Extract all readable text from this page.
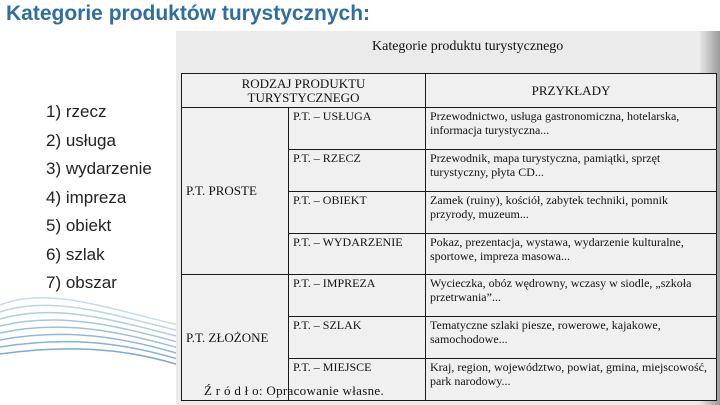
Kategorie produktów turystycznych:
1) rzecz
2) usługa
3) wydarzenie
4) impreza
5) obiekt
6) szlak
7) obszar
Kategorie produktu turystycznego
RODZAJ PRODUKTU TURYSTYCZNEGO		PRZYKŁADY
P.T. PROSTE	P.T. – USŁUGA	Przewodnictwo, usługa gastronomiczna, hotelarska, informacja turystyczna...
	P.T. – RZECZ	Przewodnik, mapa turystyczna, pamiątki, sprzęt turystyczny, płyta CD...
	P.T. – OBIEKT	Zamek (ruiny), kościół, zabytek techniki, pomnik przyrody, muzeum...
	P.T. – WYDARZENIE	Pokaz, prezentacja, wystawa, wydarzenie kulturalne, sportowe, impreza masowa...
P.T. ZŁOŻONE	P.T. – IMPREZA	Wycieczka, obóz wędrowny, wczasy w siodle, „szkoła przetrwania”...
	P.T. – SZLAK	Tematyczne szlaki piesze, rowerowe, kajakowe, samochodowe...
	P.T. – MIEJSCE	Kraj, region, województwo, powiat, gmina, miejscowość, park narodowy...
Ź r ó d ł o: Opracowanie własne.
